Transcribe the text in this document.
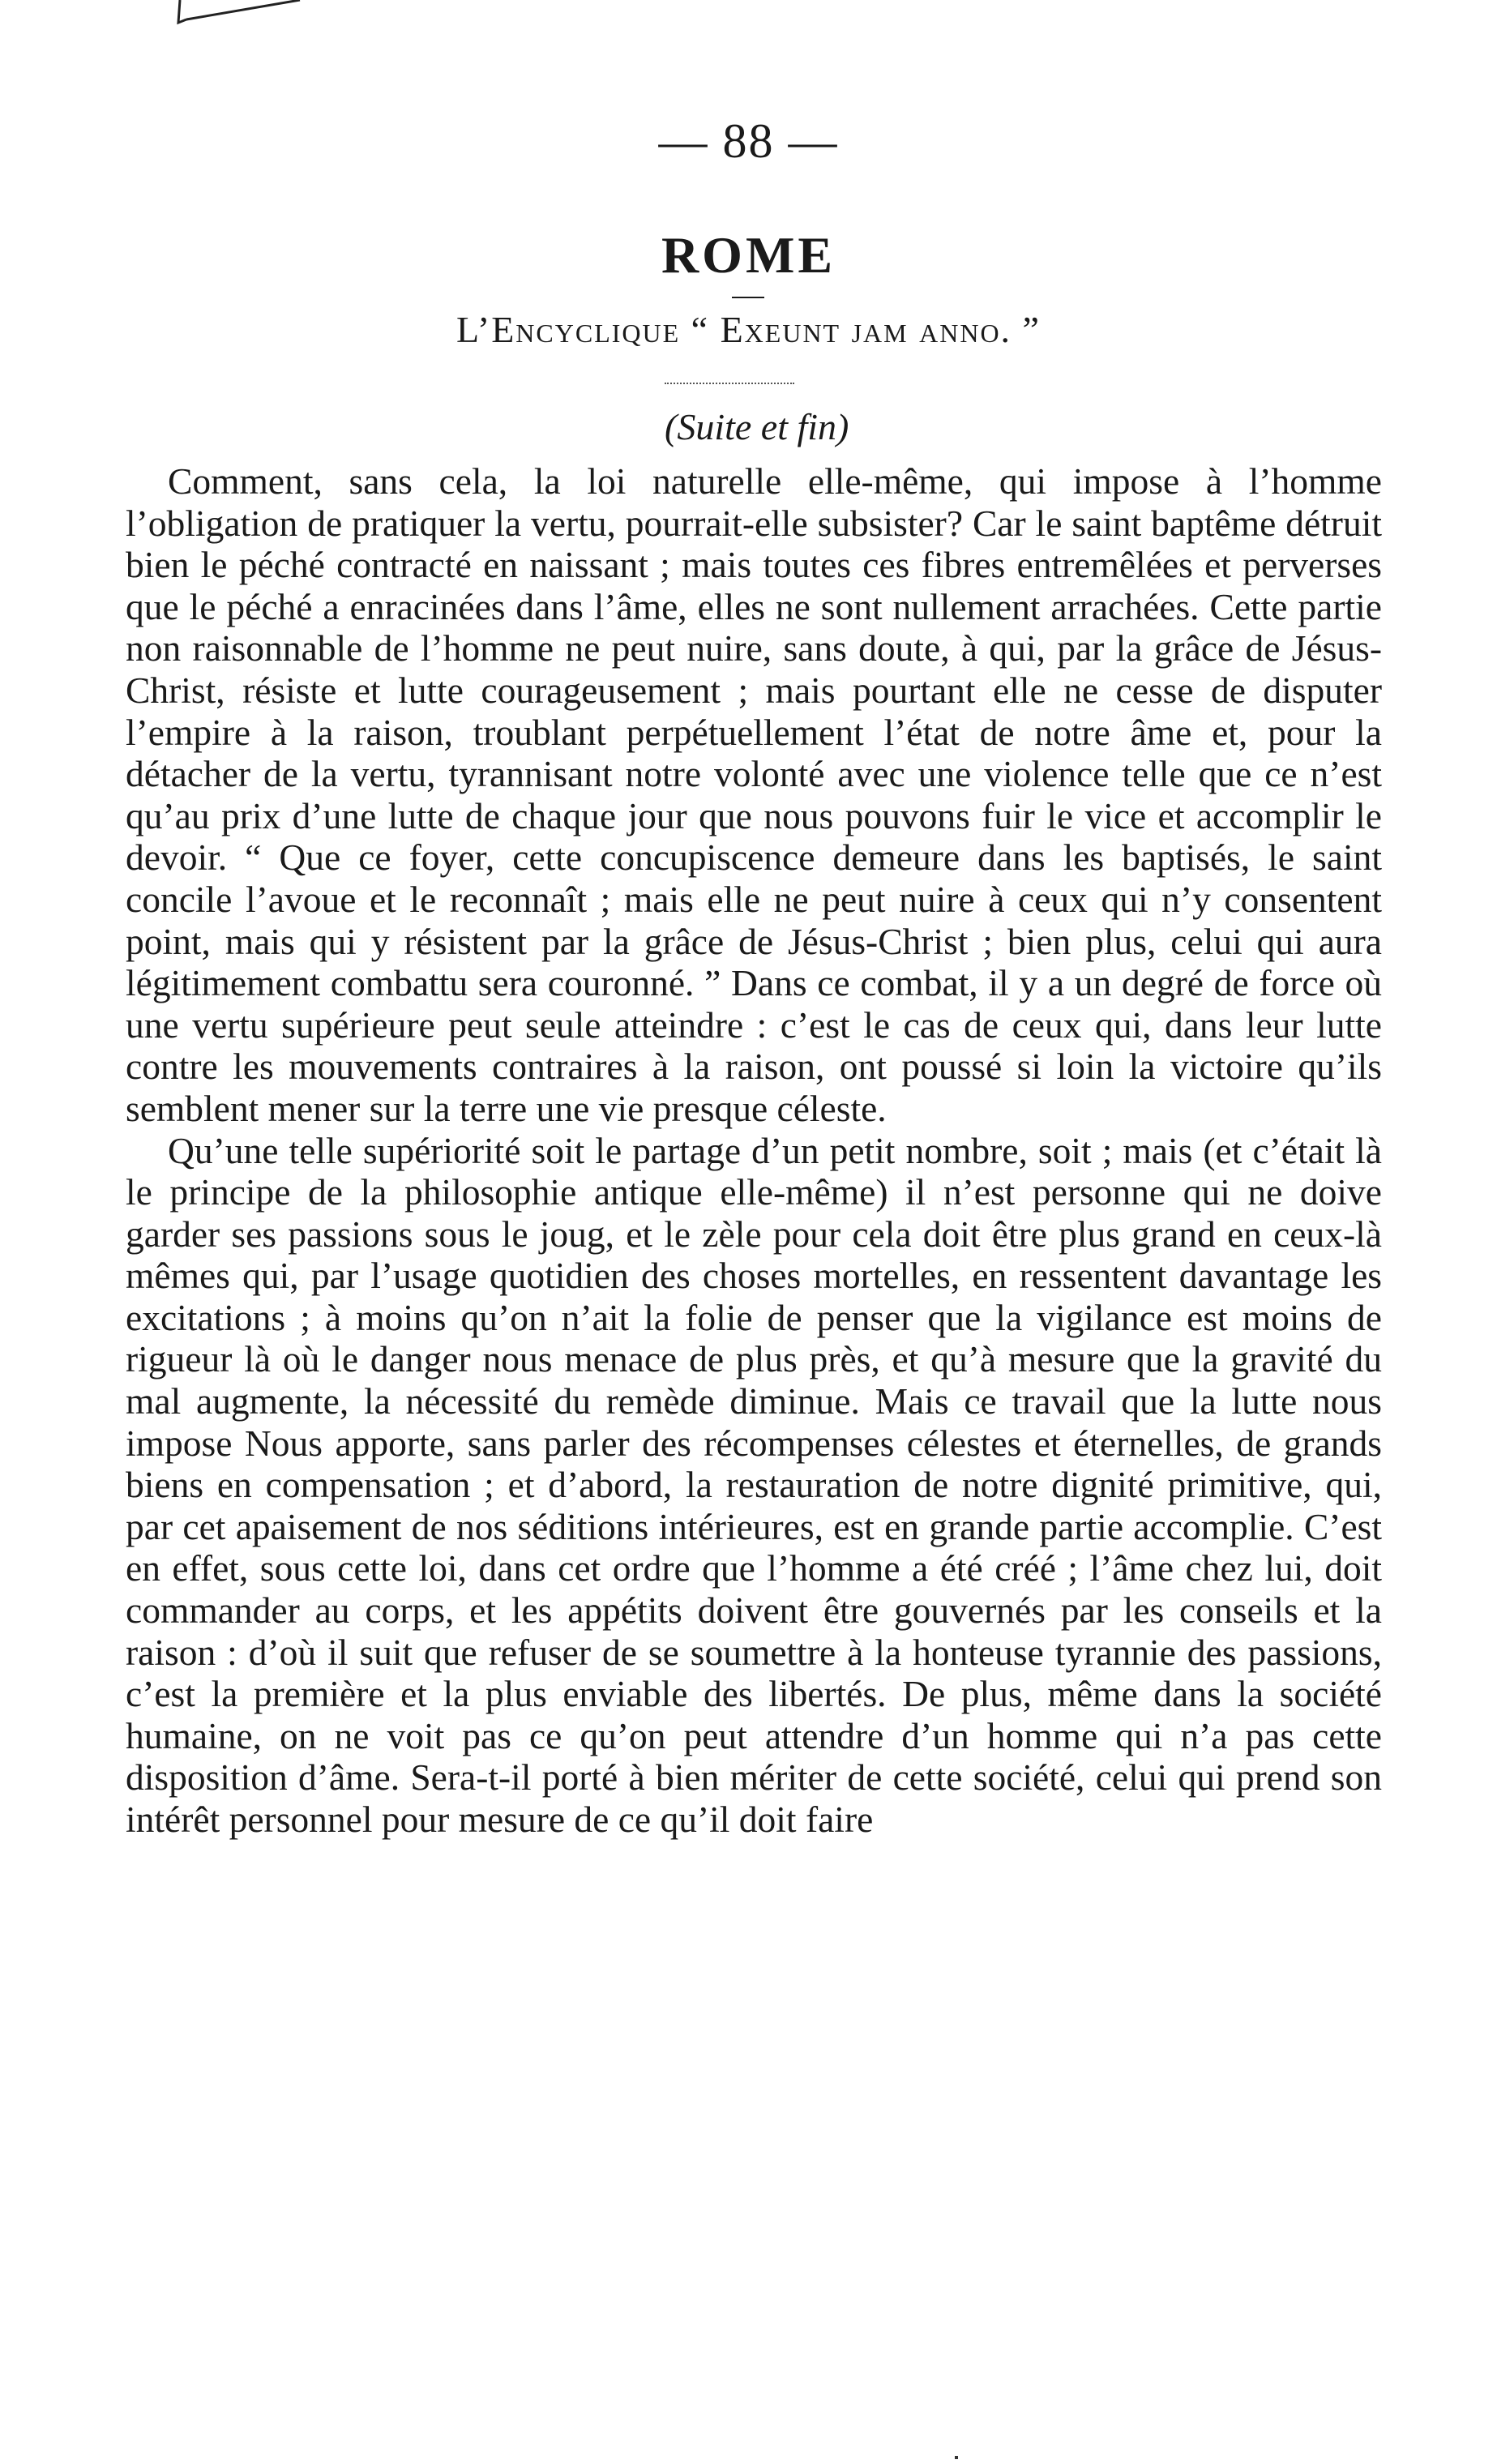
— 88 —
ROME
L’Encyclique “ Exeunt jam anno. ”
(Suite et fin)

Comment, sans cela, la loi naturelle elle-même, qui impose à l’homme l’obligation de pratiquer la vertu, pourrait-elle subsister? Car le saint baptême détruit bien le péché contracté en naissant ; mais toutes ces fibres entremêlées et perverses que le péché a enracinées dans l’âme, elles ne sont nullement arrachées. Cette partie non raisonnable de l’homme ne peut nuire, sans doute, à qui, par la grâce de Jésus-Christ, résiste et lutte courageusement ; mais pourtant elle ne cesse de disputer l’empire à la raison, troublant perpétuellement l’état de notre âme et, pour la détacher de la vertu, tyrannisant notre volonté avec une violence telle que ce n’est qu’au prix d’une lutte de chaque jour que nous pouvons fuir le vice et accomplir le devoir. “ Que ce foyer, cette concupiscence demeure dans les baptisés, le saint concile l’avoue et le reconnaît ; mais elle ne peut nuire à ceux qui n’y consentent point, mais qui y résistent par la grâce de Jésus-Christ ; bien plus, celui qui aura légitimement combattu sera couronné. ” Dans ce combat, il y a un degré de force où une vertu supérieure peut seule atteindre : c’est le cas de ceux qui, dans leur lutte contre les mouvements contraires à la raison, ont poussé si loin la victoire qu’ils semblent mener sur la terre une vie presque céleste.

Qu’une telle supériorité soit le partage d’un petit nombre, soit ; mais (et c’était là le principe de la philosophie antique elle-même) il n’est personne qui ne doive garder ses passions sous le joug, et le zèle pour cela doit être plus grand en ceux-là mêmes qui, par l’usage quotidien des choses mortelles, en ressentent davantage les excitations ; à moins qu’on n’ait la folie de penser que la vigilance est moins de rigueur là où le danger nous menace de plus près, et qu’à mesure que la gravité du mal augmente, la nécessité du remède diminue. Mais ce travail que la lutte nous impose Nous apporte, sans parler des récompenses célestes et éternelles, de grands biens en compensation ; et d’abord, la restauration de notre dignité primitive, qui, par cet apaisement de nos séditions intérieures, est en grande partie accomplie. C’est en effet, sous cette loi, dans cet ordre que l’homme a été créé ; l’âme chez lui, doit commander au corps, et les appétits doivent être gouvernés par les conseils et la raison : d’où il suit que refuser de se soumettre à la honteuse tyrannie des passions, c’est la première et la plus enviable des libertés. De plus, même dans la société humaine, on ne voit pas ce qu’on peut attendre d’un homme qui n’a pas cette disposition d’âme. Sera-t-il porté à bien mériter de cette société, celui qui prend son intérêt personnel pour mesure de ce qu’il doit faire
